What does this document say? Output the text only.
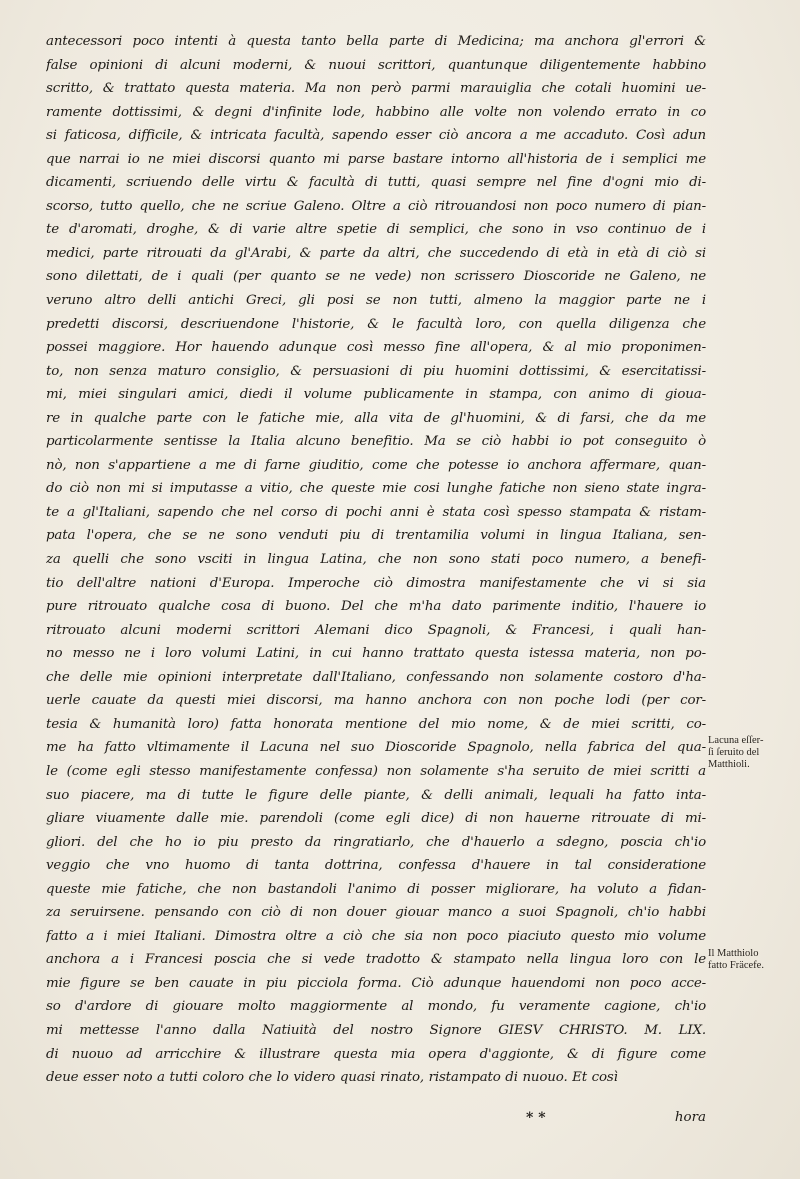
antecessori poco intenti à questa tanto bella parte di Medicina; ma anchora gl'errori &
false opinioni di alcuni moderni, & nuoui scrittori, quantunque diligentemente habbino
scritto, & trattato questa materia. Ma non però parmi marauiglia che cotali huomini ue-
ramente dottissimi, & degni d'infinite lode, habbino alle volte non volendo errato in co
si faticosa, difficile, & intricata facultà, sapendo esser ciò ancora a me accaduto. Così adun
que narrai io ne miei discorsi quanto mi parse bastare intorno all'historia de i semplici me
dicamenti, scriuendo delle virtu & facultà di tutti, quasi sempre nel fine d'ogni mio di-
scorso, tutto quello, che ne scriue Galeno. Oltre a ciò ritrouandosi non poco numero di pian-
te d'aromati, droghe, & di varie altre spetie di semplici, che sono in vso continuo de i
medici, parte ritrouati da gl'Arabi, & parte da altri, che succedendo di età in età di ciò si
sono dilettati, de i quali (per quanto se ne vede) non scrissero Dioscoride ne Galeno, ne
veruno altro delli antichi Greci, gli posi se non tutti, almeno la maggior parte ne i
predetti discorsi, descriuendone l'historie, & le facultà loro, con quella diligenza che
possei maggiore. Hor hauendo adunque così messo fine all'opera, & al mio proponimen-
to, non senza maturo consiglio, & persuasioni di piu huomini dottissimi, & esercitatissi-
mi, miei singulari amici, diedi il volume publicamente in stampa, con animo di gioua-
re in qualche parte con le fatiche mie, alla vita de gl'huomini, & di farsi, che da me
particolarmente sentisse la Italia alcuno benefitio. Ma se ciò habbi io pot conseguito ò
nò, non s'appartiene a me di farne giuditio, come che potesse io anchora affermare, quan-
do ciò non mi si imputasse a vitio, che queste mie cosi lunghe fatiche non sieno state ingra-
te a gl'Italiani, sapendo che nel corso di pochi anni è stata così spesso stampata & ristam-
pata l'opera, che se ne sono venduti piu di trentamilia volumi in lingua Italiana, sen-
za quelli che sono vsciti in lingua Latina, che non sono stati poco numero, a benefi-
tio dell'altre nationi d'Europa. Imperoche ciò dimostra manifestamente che vi si sia
pure ritrouato qualche cosa di buono. Del che m'ha dato parimente inditio, l'hauere io
ritrouato alcuni moderni scrittori Alemani dico Spagnoli, & Francesi, i quali han-
no messo ne i loro volumi Latini, in cui hanno trattato questa istessa materia, non po-
che delle mie opinioni interpretate dall'Italiano, confessando non solamente costoro d'ha-
uerle cauate da questi miei discorsi, ma hanno anchora con non poche lodi (per cor-
tesia & humanità loro) fatta honorata mentione del mio nome, & de miei scritti, co-
me ha fatto vltimamente il Lacuna nel suo Dioscoride Spagnolo, nella fabrica del qua-
le (come egli stesso manifestamente confessa) non solamente s'ha seruito de miei scritti a
suo piacere, ma di tutte le figure delle piante, & delli animali, lequali ha fatto inta-
gliare viuamente dalle mie. parendoli (come egli dice) di non hauerne ritrouate di mi-
gliori. del che ho io piu presto da ringratiarlo, che d'hauerlo a sdegno, poscia ch'io
veggio che vno huomo di tanta dottrina, confessa d'hauere in tal consideratione
queste mie fatiche, che non bastandoli l'animo di posser migliorare, ha voluto a fidan-
za seruirsene. pensando con ciò di non douer giouar manco a suoi Spagnoli, ch'io habbi
fatto a i miei Italiani. Dimostra oltre a ciò che sia non poco piaciuto questo mio volume
anchora a i Francesi poscia che si vede tradotto & stampato nella lingua loro con le
mie figure se ben cauate in piu picciola forma. Ciò adunque hauendomi non poco acce-
so d'ardore di giouare molto maggiormente al mondo, fu veramente cagione, ch'io
mi mettesse l'anno dalla Natiuità del nostro Signore GIESV CHRISTO. M. LIX.
di nuouo ad arricchire & illustrare questa mia opera d'aggionte, & di figure come
deue esser noto a tutti coloro che lo videro quasi rinato, ristampato di nuouo. Et così
* *	hora
Lacuna eſſer-
ſi ſeruito del
Matthioli.
Il Matthiolo
fatto Fräcefe.
